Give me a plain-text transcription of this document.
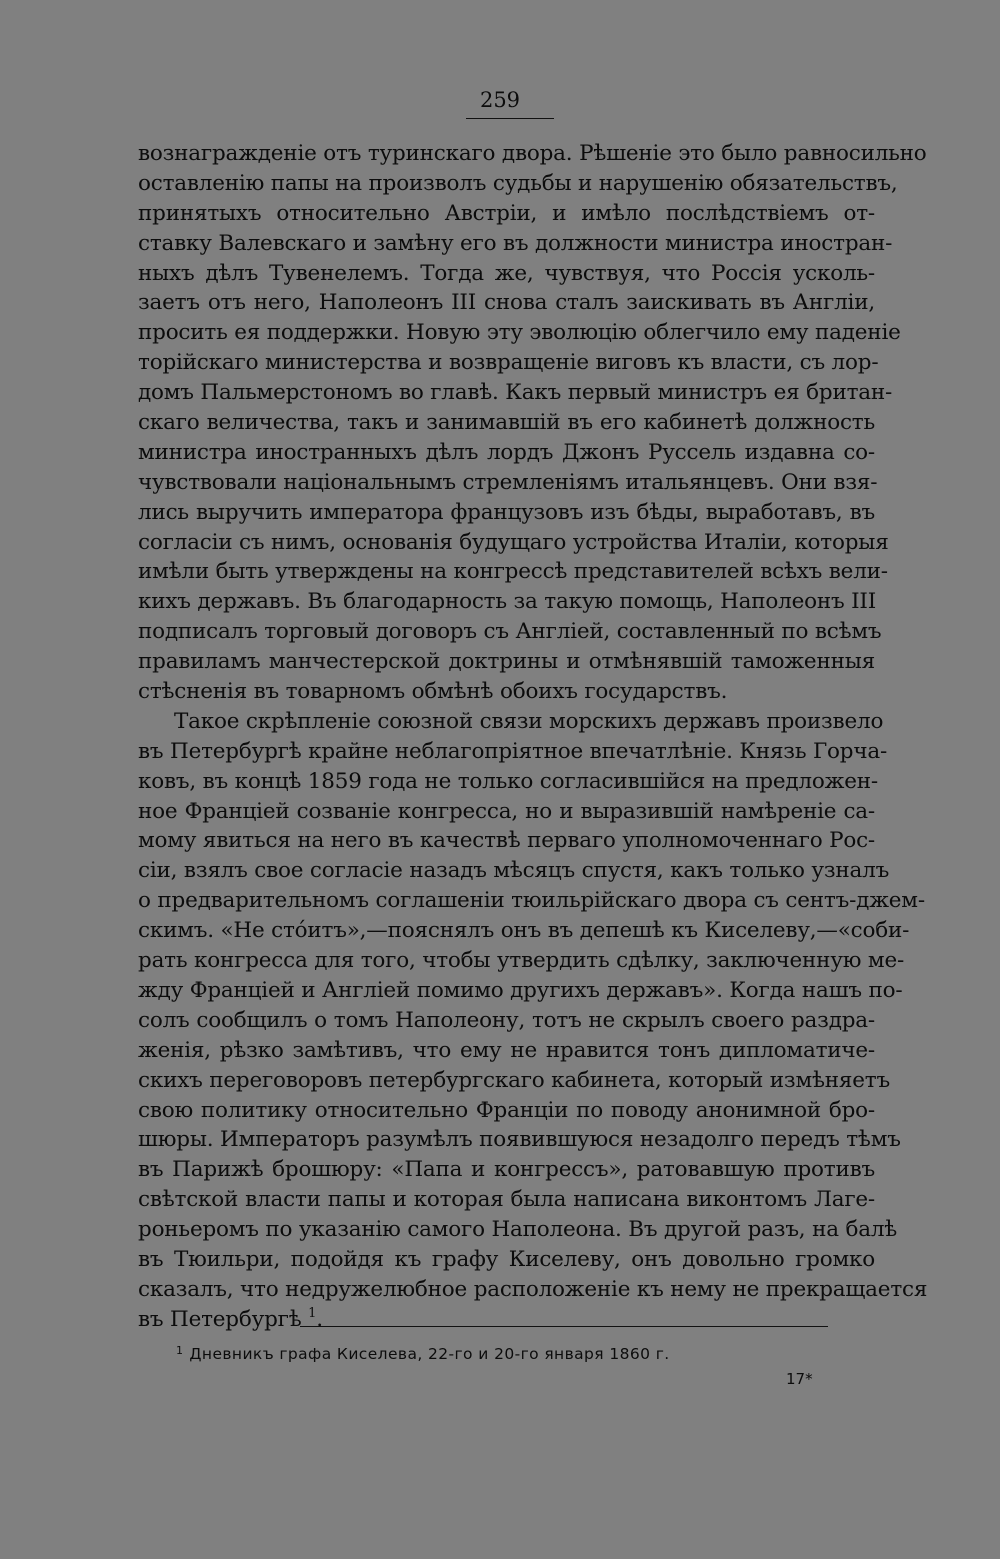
259
вознагражденіе отъ туринскаго двора. Рѣшеніе это было равносильно
оставленію папы на произволъ судьбы и нарушенію обязательствъ,
принятыхъ относительно Австріи, и имѣло послѣдствіемъ от-
ставку Валевскаго и замѣну его въ должности министра иностран-
ныхъ дѣлъ Тувенелемъ. Тогда же, чувствуя, что Россія усколь-
заетъ отъ него, Наполеонъ III снова сталъ заискивать въ Англіи,
просить ея поддержки. Новую эту эволюцію облегчило ему паденіе
торійскаго министерства и возвращеніе виговъ къ власти, съ лор-
домъ Пальмерстономъ во главѣ. Какъ первый министръ ея британ-
скаго величества, такъ и занимавшій въ его кабинетѣ должность
министра иностранныхъ дѣлъ лордъ Джонъ Руссель издавна со-
чувствовали національнымъ стремленіямъ итальянцевъ. Они взя-
лись выручить императора французовъ изъ бѣды, выработавъ, въ
согласіи съ нимъ, основанія будущаго устройства Италіи, которыя
имѣли быть утверждены на конгрессѣ представителей всѣхъ вели-
кихъ державъ. Въ благодарность за такую помощь, Наполеонъ III
подписалъ торговый договоръ съ Англіей, составленный по всѣмъ
правиламъ манчестерской доктрины и отмѣнявшій таможенныя
стѣсненія въ товарномъ обмѣнѣ обоихъ государствъ.
Такое скрѣпленіе союзной связи морскихъ державъ произвело
въ Петербургѣ крайне неблагопріятное впечатлѣніе. Князь Горча-
ковъ, въ концѣ 1859 года не только согласившійся на предложен-
ное Франціей созваніе конгресса, но и выразившій намѣреніе са-
мому явиться на него въ качествѣ перваго уполномоченнаго Рос-
сіи, взялъ свое согласіе назадъ мѣсяцъ спустя, какъ только узналъ
о предварительномъ соглашеніи тюильрійскаго двора съ сентъ-джем-
скимъ. «Не стóитъ»,—пояснялъ онъ въ депешѣ къ Киселеву,—«соби-
рать конгресса для того, чтобы утвердить сдѣлку, заключенную ме-
жду Франціей и Англіей помимо другихъ державъ». Когда нашъ по-
солъ сообщилъ о томъ Наполеону, тотъ не скрылъ своего раздра-
женія, рѣзко замѣтивъ, что ему не нравится тонъ дипломатиче-
скихъ переговоровъ петербургскаго кабинета, который измѣняетъ
свою политику относительно Франціи по поводу анонимной бро-
шюры. Императоръ разумѣлъ появившуюся незадолго передъ тѣмъ
въ Парижѣ брошюру: «Папа и конгрессъ», ратовавшую противъ
свѣтской власти папы и которая была написана виконтомъ Лаге-
роньеромъ по указанію самого Наполеона. Въ другой разъ, на балѣ
въ Тюильри, подойдя къ графу Киселеву, онъ довольно громко
сказалъ, что недружелюбное расположеніе къ нему не прекращается
въ Петербургѣ $^1$.
$^1$ Дневникъ графа Киселева, 22-го и 20-го января 1860 г.
17*
